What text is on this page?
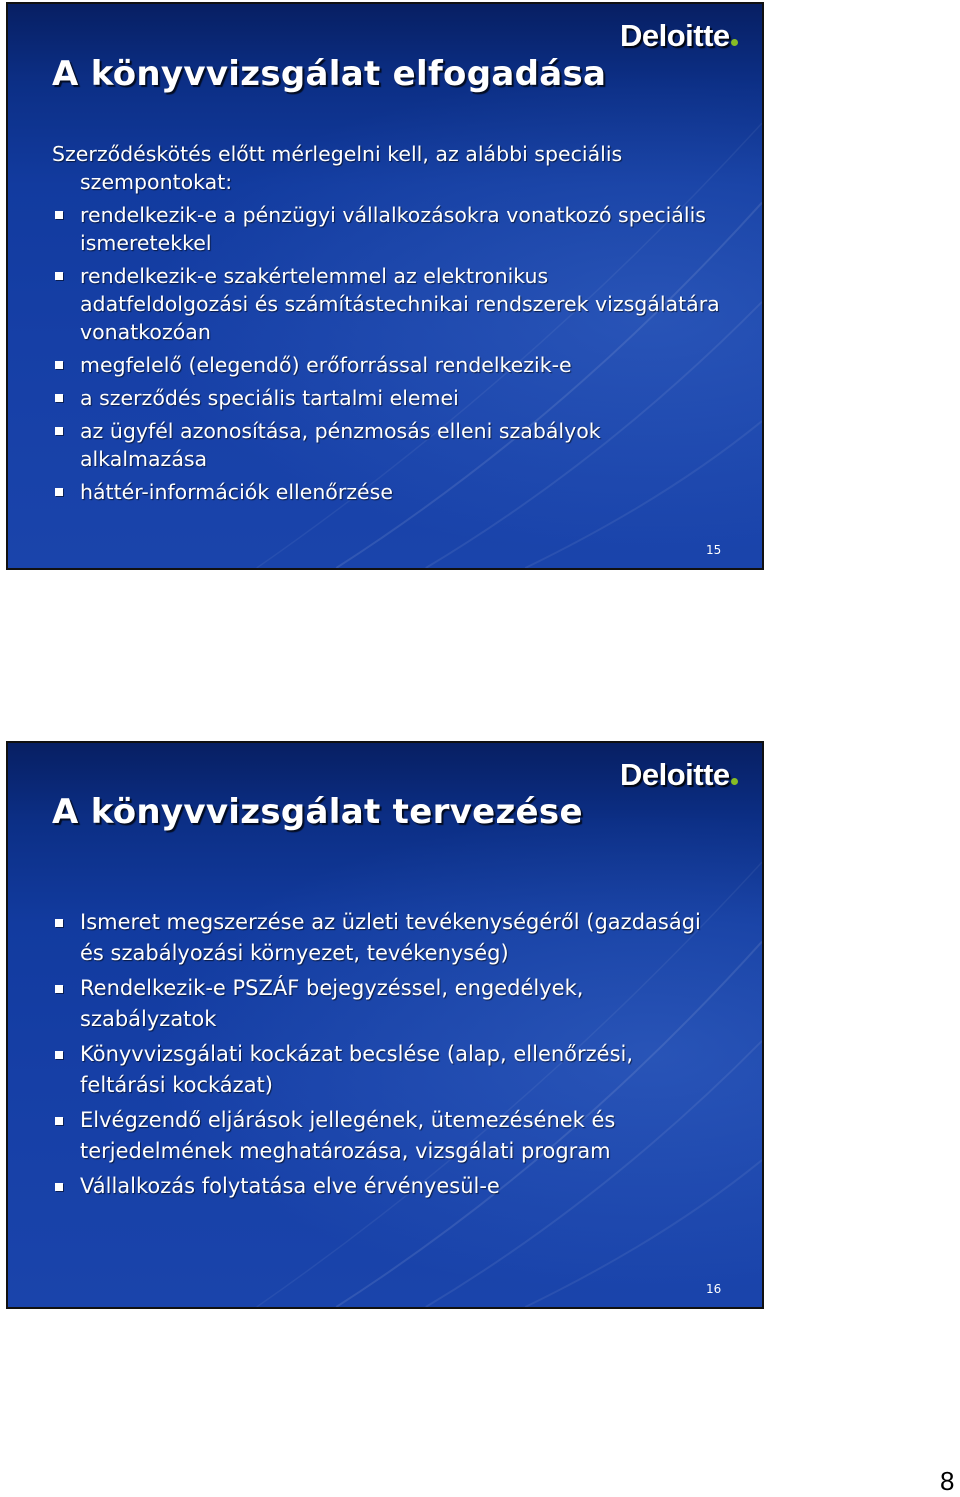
Deloitte
A könyvvizsgálat elfogadása
Szerződéskötés előtt mérlegelni kell, az alábbi speciális szempontokat:
rendelkezik-e a pénzügyi vállalkozásokra vonatkozó speciális ismeretekkel
rendelkezik-e szakértelemmel az elektronikus adatfeldolgozási és számítástechnikai rendszerek vizsgálatára vonatkozóan
megfelelő (elegendő) erőforrással rendelkezik-e
a szerződés speciális tartalmi elemei
az ügyfél azonosítása, pénzmosás elleni szabályok alkalmazása
háttér-információk ellenőrzése
15
Deloitte
A könyvvizsgálat tervezése
Ismeret megszerzése az üzleti tevékenységéről (gazdasági és szabályozási környezet, tevékenység)
Rendelkezik-e PSZÁF bejegyzéssel, engedélyek, szabályzatok
Könyvvizsgálati kockázat becslése (alap, ellenőrzési, feltárási kockázat)
Elvégzendő eljárások jellegének, ütemezésének és terjedelmének meghatározása, vizsgálati program
Vállalkozás folytatása elve érvényesül-e
16
8
